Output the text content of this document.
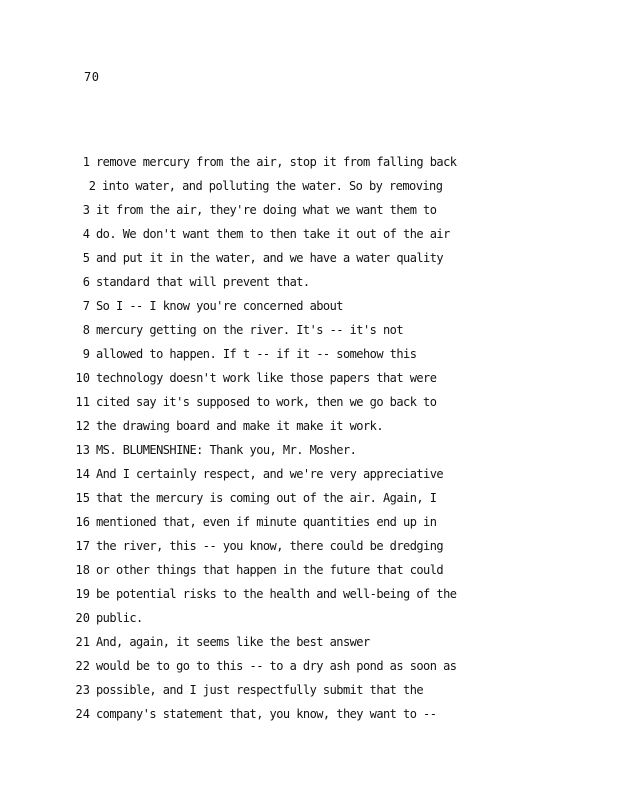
70
1 remove mercury from the air, stop it from falling back
2 into water, and polluting the water. So by removing
3 it from the air, they're doing what we want them to
4 do. We don't want them to then take it out of the air
5 and put it in the water, and we have a water quality
6 standard that will prevent that.
7 So I -- I know you're concerned about
8 mercury getting on the river. It's -- it's not
9 allowed to happen. If t -- if it -- somehow this
10 technology doesn't work like those papers that were
11 cited say it's supposed to work, then we go back to
12 the drawing board and make it make it work.
13 MS. BLUMENSHINE: Thank you, Mr. Mosher.
14 And I certainly respect, and we're very appreciative
15 that the mercury is coming out of the air. Again, I
16 mentioned that, even if minute quantities end up in
17 the river, this -- you know, there could be dredging
18 or other things that happen in the future that could
19 be potential risks to the health and well-being of the
20 public.
21 And, again, it seems like the best answer
22 would be to go to this -- to a dry ash pond as soon as
23 possible, and I just respectfully submit that the
24 company's statement that, you know, they want to --
